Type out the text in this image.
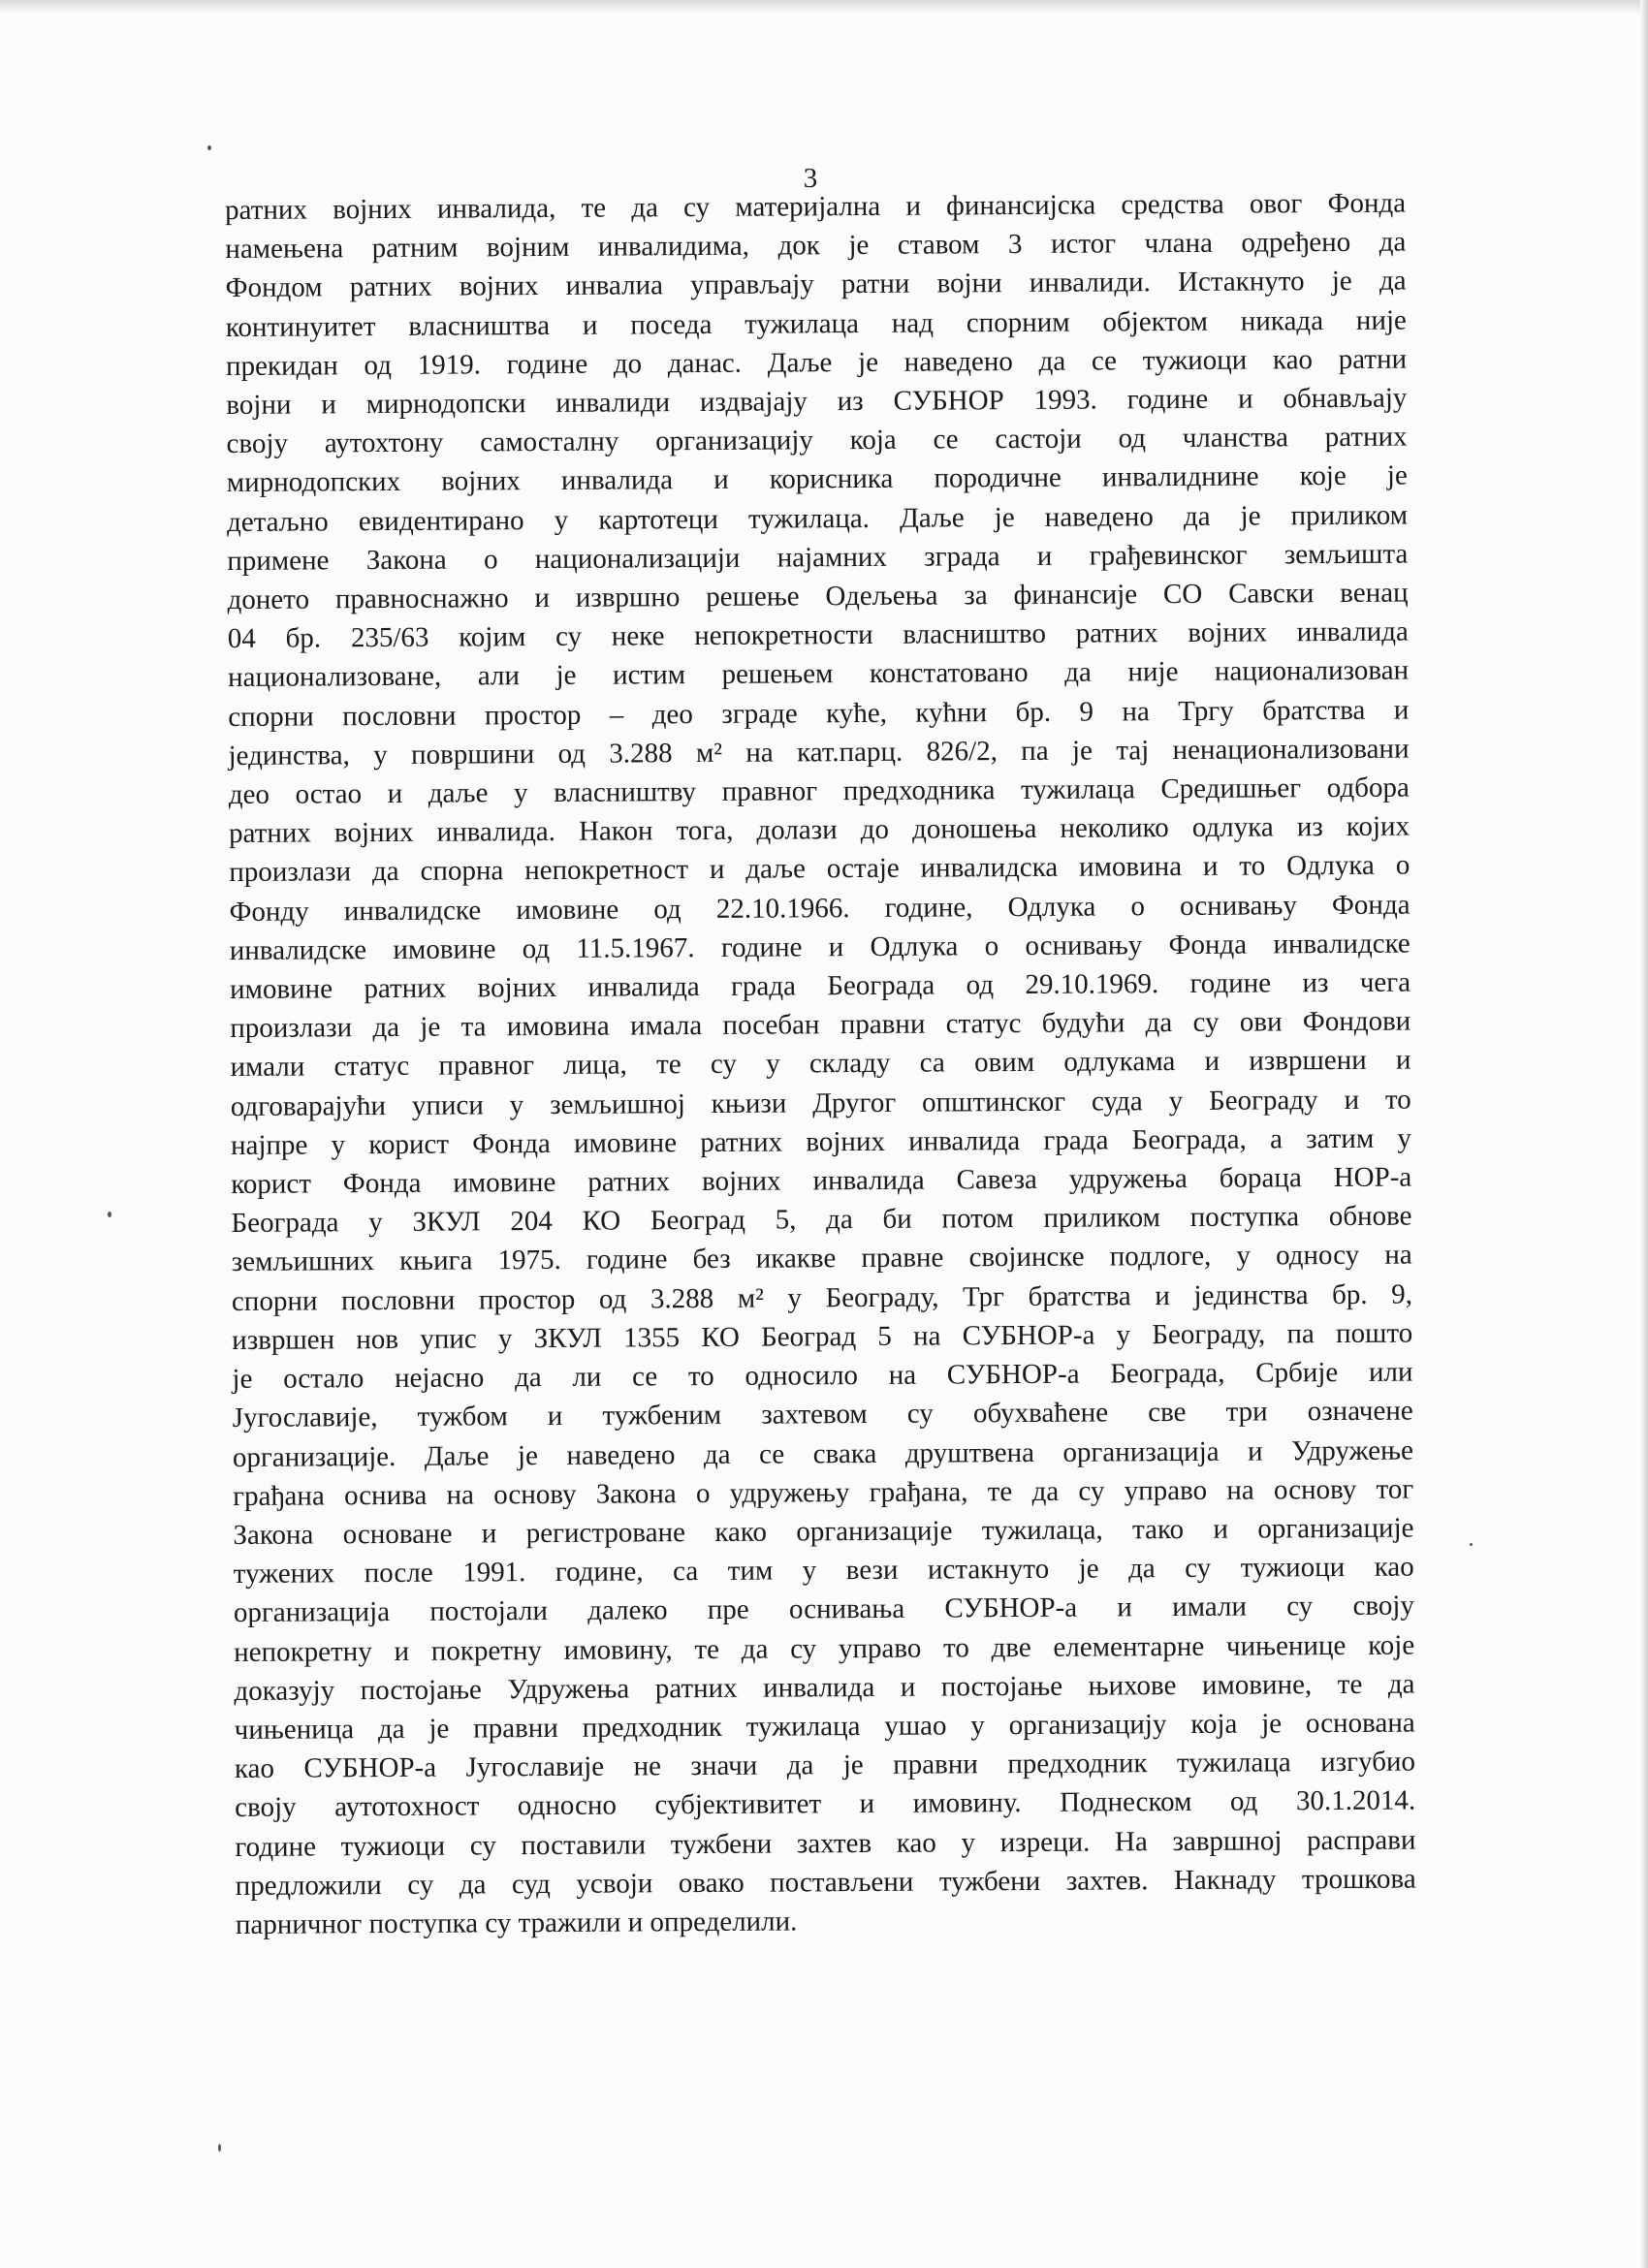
3
ратних војних инвалида, те да су материјална и финансијска средства овог Фонда
намењена ратним војним инвалидима, док је ставом 3 истог члана одређено да
Фондом ратних војних инвалиа управљају ратни војни инвалиди. Истакнуто је да
континуитет власништва и поседа тужилаца над спорним објектом никада није
прекидан од 1919. године до данас. Даље је наведено да се тужиоци као ратни
војни и мирнодопски инвалиди издвајају из СУБНОР 1993. године и обнављају
своју аутохтону самосталну организацију која се састоји од чланства ратних
мирнодопских војних инвалида и корисника породичне инвалиднине које је
детаљно евидентирано у картотеци тужилаца. Даље је наведено да је приликом
примене Закона о национализацији најамних зграда и грађевинског земљишта
донето правноснажно и извршно решење Одељења за финансије СО Савски венац
04 бр. 235/63 којим су неке непокретности власништво ратних војних инвалида
национализоване, али је истим решењем констатовано да није национализован
спорни пословни простор – део зграде куће, кућни бр. 9 на Тргу братства и
јединства, у површини од 3.288 м² на кат.парц. 826/2, па је тај ненационализовани
део остао и даље у власништву правног предходника тужилаца Средишњег одбора
ратних војних инвалида. Након тога, долази до доношења неколико одлука из којих
произлази да спорна непокретност и даље остаје инвалидска имовина и то Одлука о
Фонду инвалидске имовине од 22.10.1966. године, Одлука о оснивању Фонда
инвалидске имовине од 11.5.1967. године и Одлука о оснивању Фонда инвалидске
имовине ратних војних инвалида града Београда од 29.10.1969. године из чега
произлази да је та имовина имала посебан правни статус будући да су ови Фондови
имали статус правног лица, те су у складу са овим одлукама и извршени и
одговарајући уписи у земљишној књизи Другог општинског суда у Београду и то
најпре у корист Фонда имовине ратних војних инвалида града Београда, а затим у
корист Фонда имовине ратних војних инвалида Савеза удружења бораца НОР-а
Београда у ЗКУЛ 204 КО Београд 5, да би потом приликом поступка обнове
земљишних књига 1975. године без икакве правне својинске подлоге, у односу на
спорни пословни простор од 3.288 м² у Београду, Трг братства и јединства бр. 9,
извршен нов упис у ЗКУЛ 1355 КО Београд 5 на СУБНОР-а у Београду, па пошто
је остало нејасно да ли се то односило на СУБНОР-а Београда, Србије или
Југославије, тужбом и тужбеним захтевом су обухваћене све три означене
организације. Даље је наведено да се свака друштвена организација и Удружење
грађана оснива на основу Закона о удружењу грађана, те да су управо на основу тог
Закона основане и регистроване како организације тужилаца, тако и организације
тужених после 1991. године, са тим у вези истакнуто је да су тужиоци као
организација постојали далеко пре оснивања СУБНОР-а и имали су своју
непокретну и покретну имовину, те да су управо то две елементарне чињенице које
доказују постојање Удружења ратних инвалида и постојање њихове имовине, те да
чињеница да је правни предходник тужилаца ушао у организацију која је основана
као СУБНОР-а Југославије не значи да је правни предходник тужилаца изгубио
своју аутотохност односно субјективитет и имовину. Поднеском од 30.1.2014.
године тужиоци су поставили тужбени захтев као у изреци. На завршној расправи
предложили су да суд усвоји овако постављени тужбени захтев. Накнаду трошкова
парничног поступка су тражили и определили.
